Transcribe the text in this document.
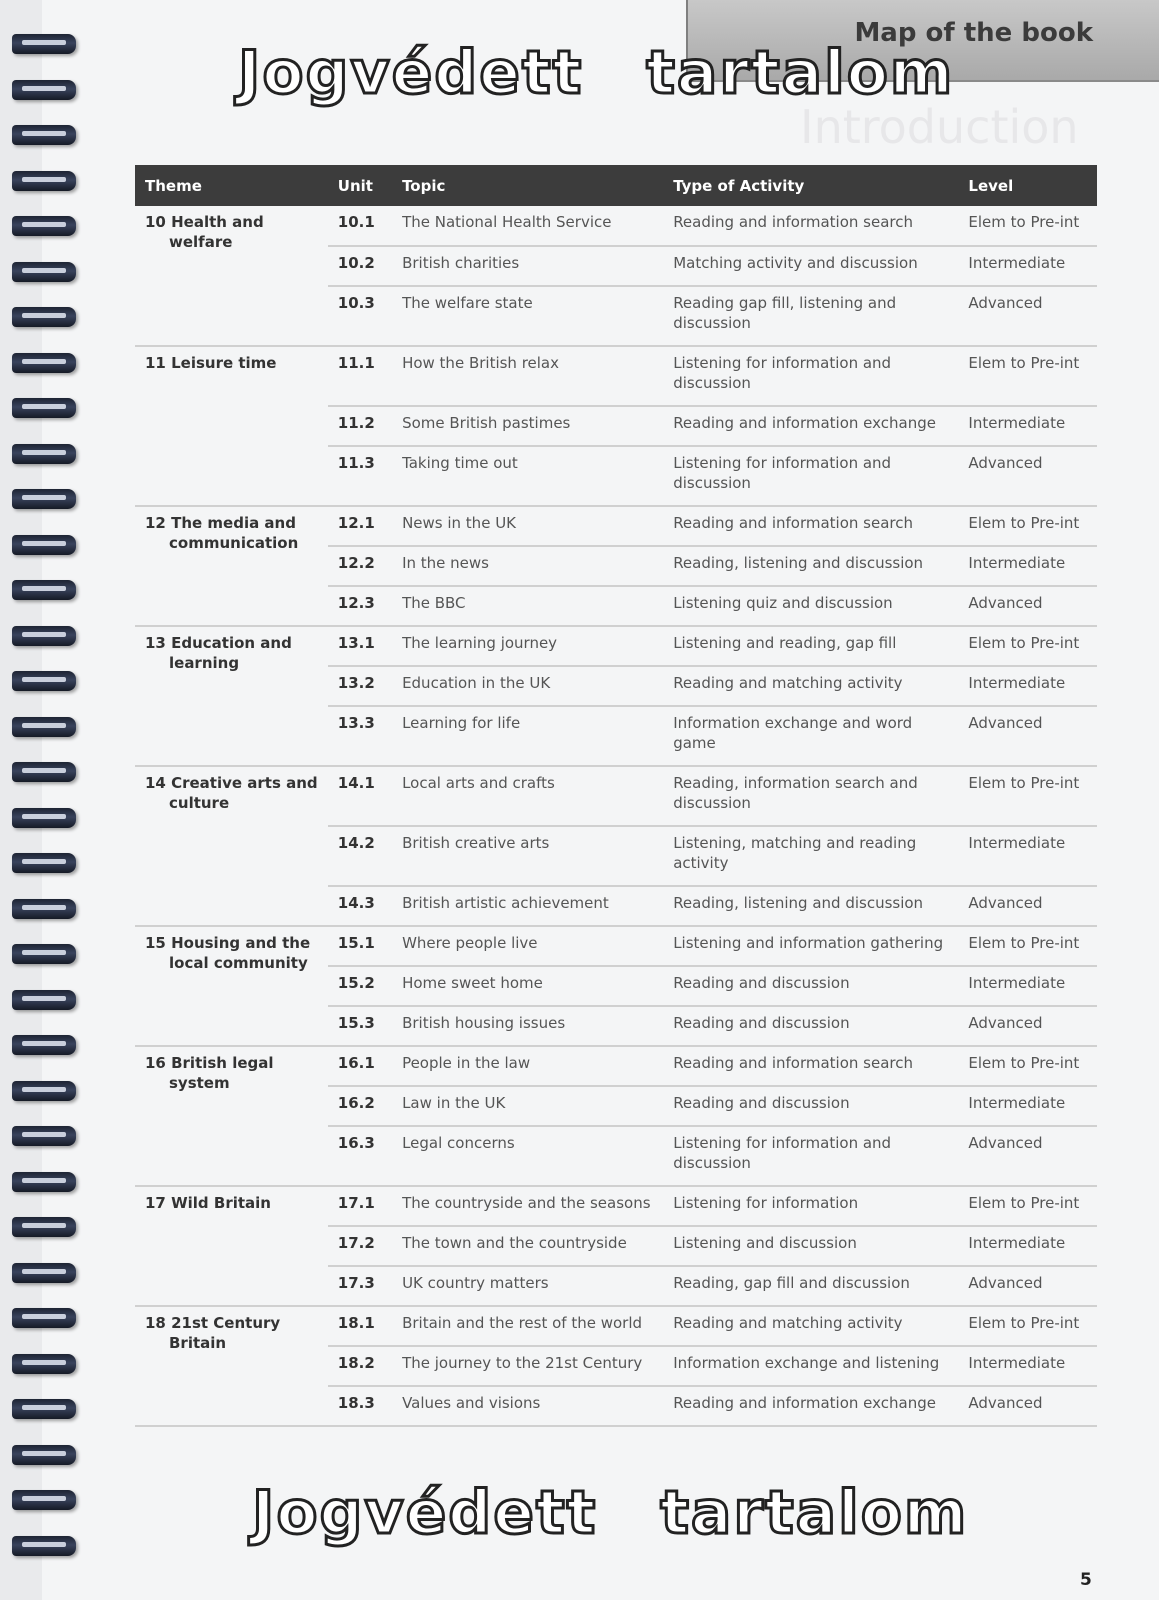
Map of the book
Introduction
Jogvédett tartalom
Theme	Unit	Topic	Type of Activity	Level
10 Health and
welfare	10.1	The National Health Service	Reading and information search	Elem to Pre-int
	10.2	British charities	Matching activity and discussion	Intermediate
	10.3	The welfare state	Reading gap fill, listening and discussion	Advanced
11 Leisure time	11.1	How the British relax	Listening for information and discussion	Elem to Pre-int
	11.2	Some British pastimes	Reading and information exchange	Intermediate
	11.3	Taking time out	Listening for information and discussion	Advanced
12 The media and
communication	12.1	News in the UK	Reading and information search	Elem to Pre-int
	12.2	In the news	Reading, listening and discussion	Intermediate
	12.3	The BBC	Listening quiz and discussion	Advanced
13 Education and
learning	13.1	The learning journey	Listening and reading, gap fill	Elem to Pre-int
	13.2	Education in the UK	Reading and matching activity	Intermediate
	13.3	Learning for life	Information exchange and word game	Advanced
14 Creative arts and
culture	14.1	Local arts and crafts	Reading, information search and discussion	Elem to Pre-int
	14.2	British creative arts	Listening, matching and reading activity	Intermediate
	14.3	British artistic achievement	Reading, listening and discussion	Advanced
15 Housing and the
local community	15.1	Where people live	Listening and information gathering	Elem to Pre-int
	15.2	Home sweet home	Reading and discussion	Intermediate
	15.3	British housing issues	Reading and discussion	Advanced
16 British legal
system	16.1	People in the law	Reading and information search	Elem to Pre-int
	16.2	Law in the UK	Reading and discussion	Intermediate
	16.3	Legal concerns	Listening for information and discussion	Advanced
17 Wild Britain	17.1	The countryside and the seasons	Listening for information	Elem to Pre-int
	17.2	The town and the countryside	Listening and discussion	Intermediate
	17.3	UK country matters	Reading, gap fill and discussion	Advanced
18 21st Century
Britain	18.1	Britain and the rest of the world	Reading and matching activity	Elem to Pre-int
	18.2	The journey to the 21st Century	Information exchange and listening	Intermediate
	18.3	Values and visions	Reading and information exchange	Advanced
Jogvédett tartalom
5
